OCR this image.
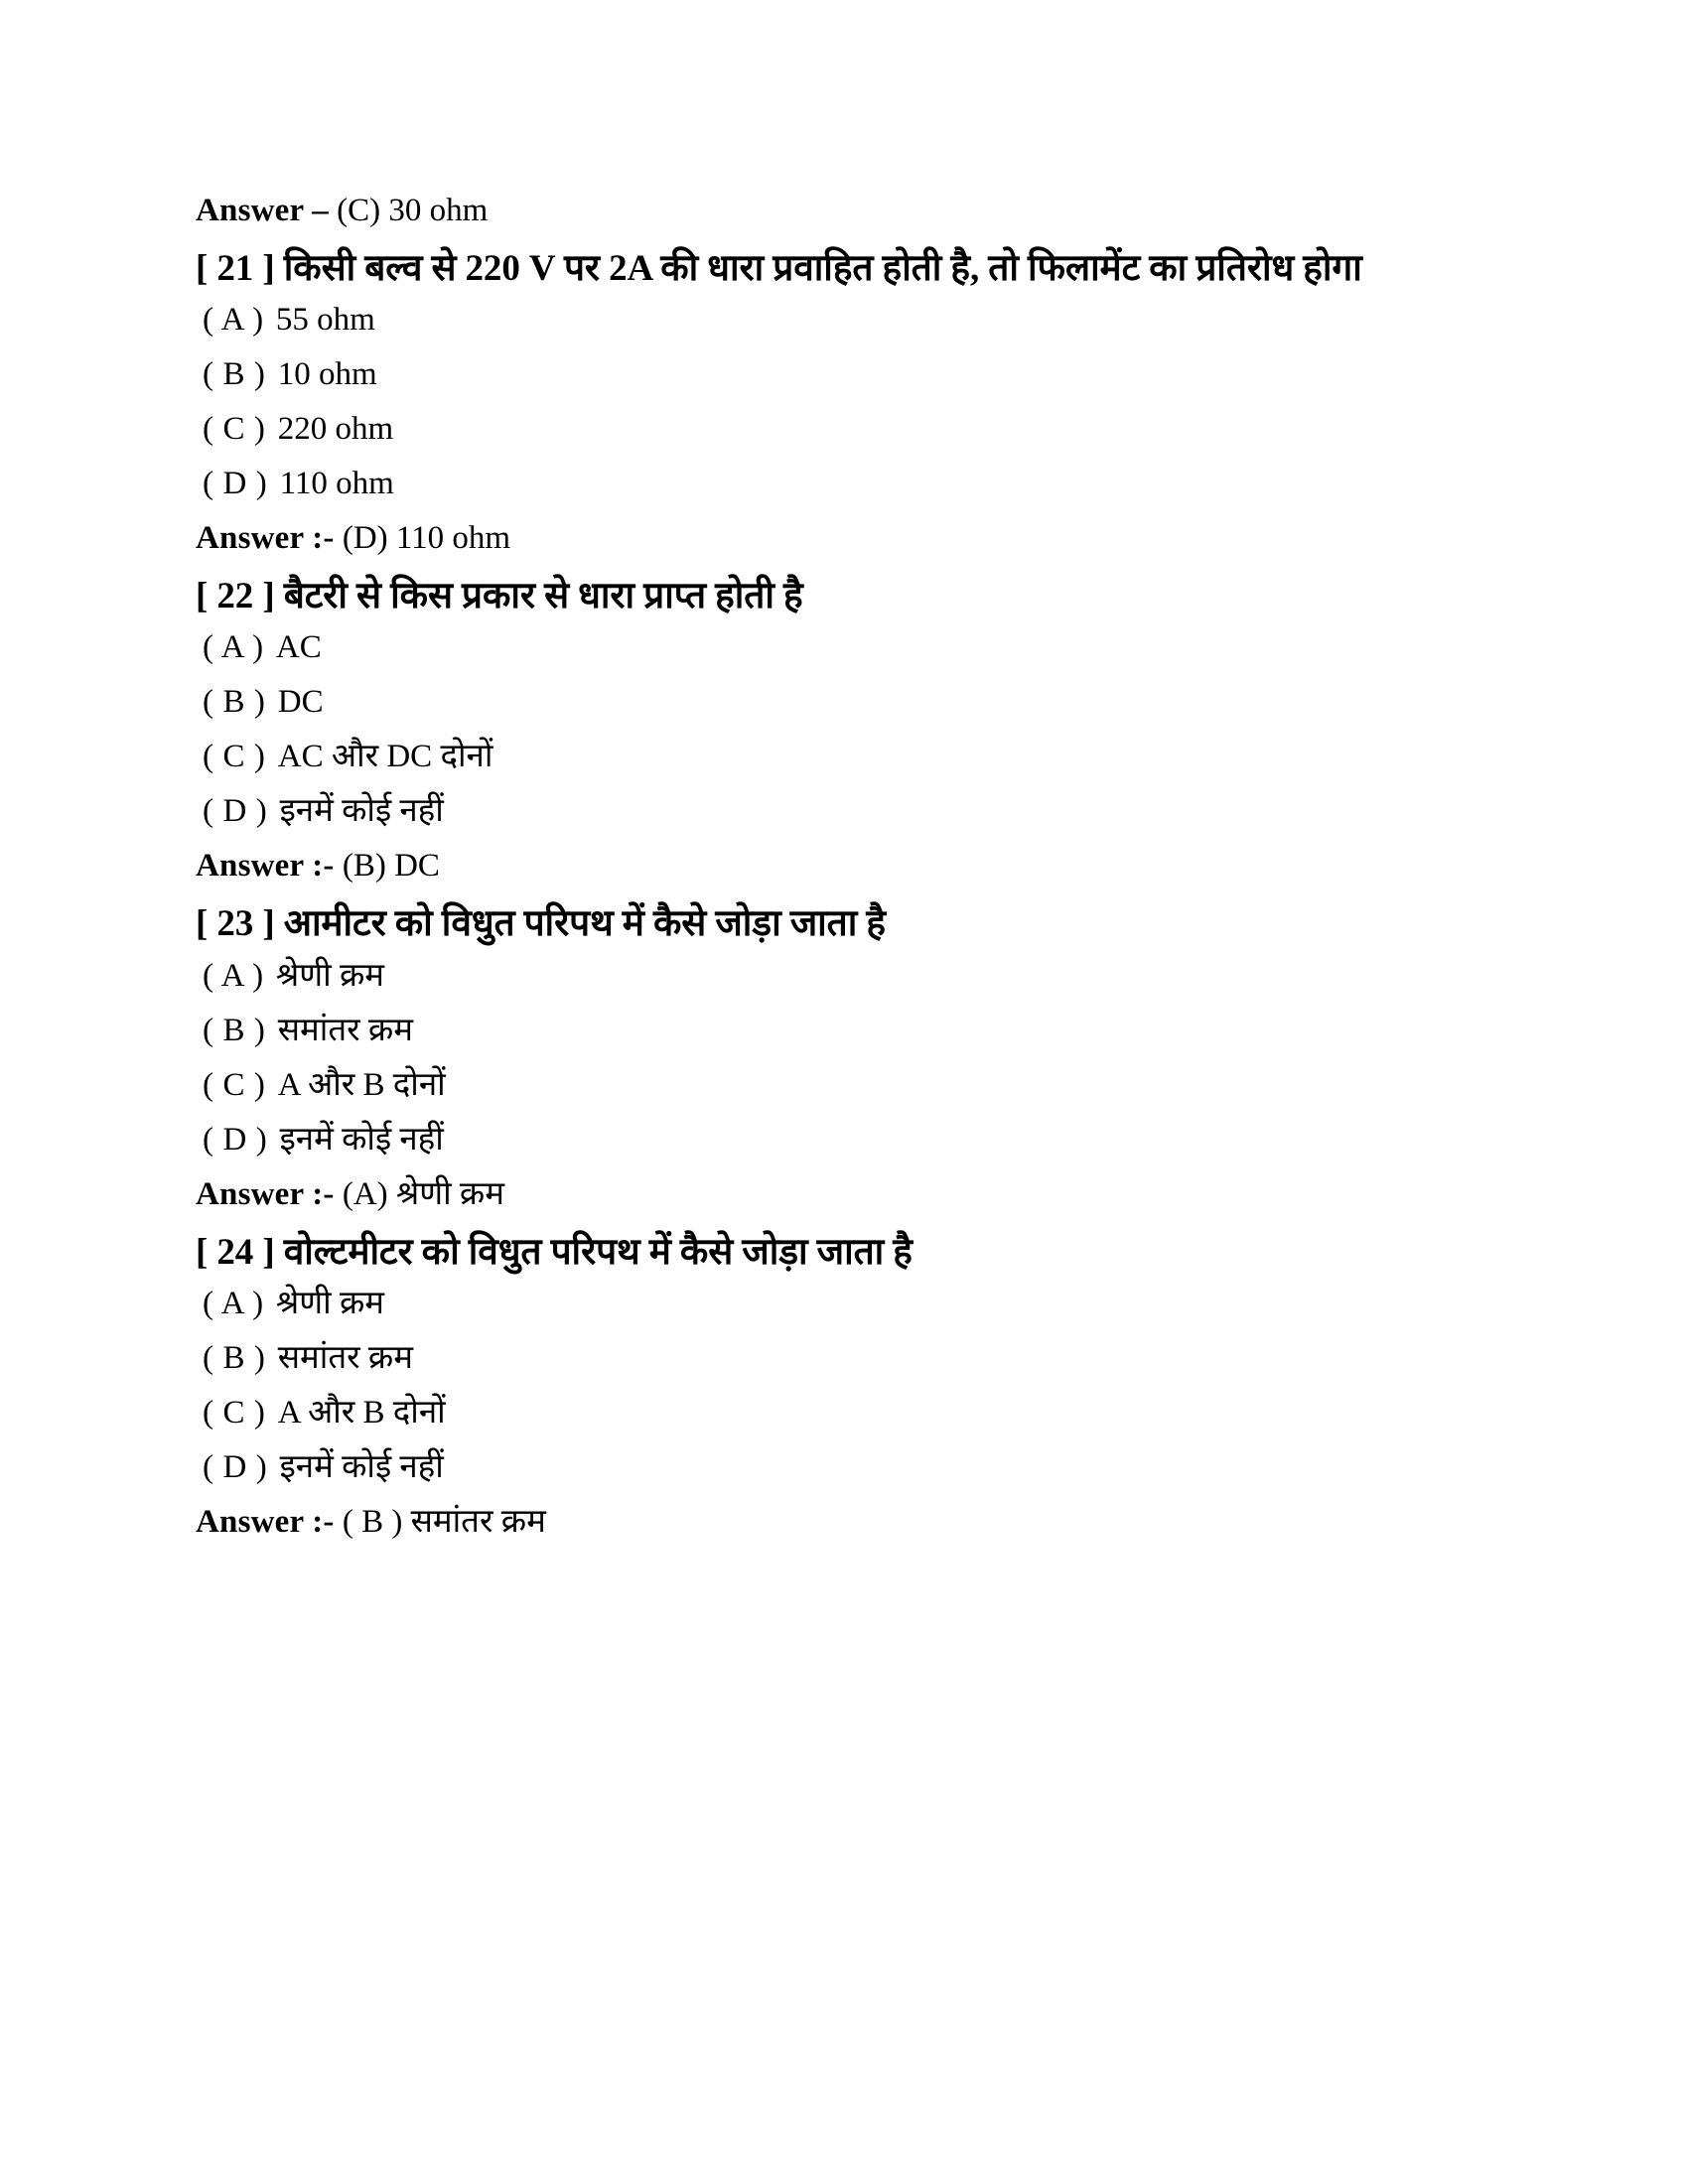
Answer – (C) 30 ohm

[ 21 ] किसी बल्व से 220 V पर 2A की धारा प्रवाहित होती है, तो फिलामेंट का प्रतिरोध होगा

( A ) 55 ohm

( B ) 10 ohm

( C ) 220 ohm

( D ) 110 ohm

Answer :- (D) 110 ohm

[ 22 ] बैटरी से किस प्रकार से धारा प्राप्त होती है

( A ) AC

( B ) DC

( C ) AC और DC दोनों

( D ) इनमें कोई नहीं

Answer :- (B) DC

[ 23 ] आमीटर को विधुत परिपथ में कैसे जोड़ा जाता है

( A ) श्रेणी क्रम

( B ) समांतर क्रम

( C ) A और B दोनों

( D ) इनमें कोई नहीं

Answer :- (A) श्रेणी क्रम

[ 24 ] वोल्टमीटर को विधुत परिपथ में कैसे जोड़ा जाता है

( A ) श्रेणी क्रम

( B ) समांतर क्रम

( C ) A और B दोनों

( D ) इनमें कोई नहीं

Answer :- ( B ) समांतर क्रम
